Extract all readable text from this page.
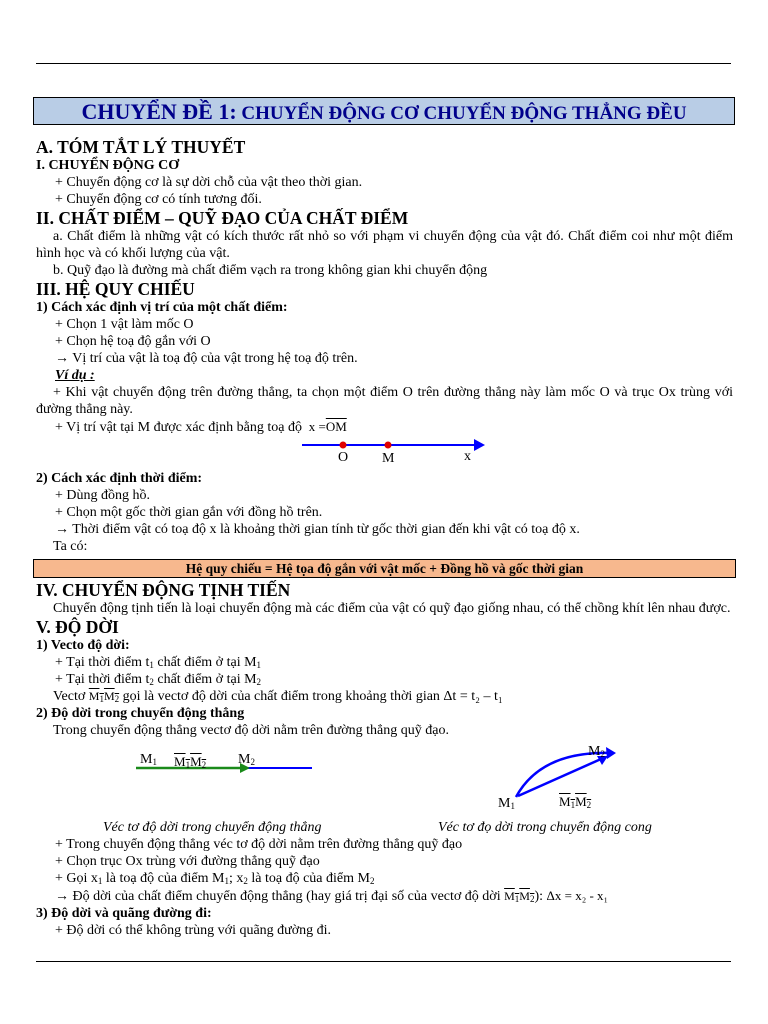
CHUYỂN ĐỀ 1: CHUYỂN ĐỘNG CƠ CHUYỂN ĐỘNG THẲNG ĐỀU
A. TÓM TẮT LÝ THUYẾT
I. CHUYỂN ĐỘNG CƠ
+ Chuyển động cơ là sự dời chỗ của vật theo thời gian.
+ Chuyển động cơ có tính tương đối.
II. CHẤT ĐIỂM – QUỸ ĐẠO CỦA CHẤT ĐIỂM
a. Chất điểm là những vật có kích thước rất nhỏ so với phạm vi chuyển động của vật đó. Chất điểm coi như một điểm hình học và có khối lượng của vật.
b. Quỹ đạo là đường mà chất điểm vạch ra trong không gian khi chuyển động
III. HỆ QUY CHIẾU
1) Cách xác định vị trí của một chất điểm:
+ Chọn 1 vật làm mốc O
+ Chọn hệ toạ độ gắn với O
→ Vị trí của vật là toạ độ của vật trong hệ toạ độ trên.
Ví dụ :
+ Khi vật chuyển động trên đường thẳng, ta chọn một điểm O trên đường thẳng này làm mốc O và trục Ox trùng với đường thẳng này.
+ Vị trí vật tại M được xác định bằng toạ độ $x =\overline{OM}$
O M	x
2) Cách xác định thời điểm:
+ Dùng đồng hồ.
+ Chọn một gốc thời gian gắn với đồng hồ trên.
→ Thời điểm vật có toạ độ x là khoảng thời gian tính từ gốc thời gian đến khi vật có toạ độ x.
Ta có:
Hệ quy chiếu = Hệ tọa độ gắn với vật mốc + Đồng hồ và gốc thời gian
IV. CHUYỂN ĐỘNG TỊNH TIẾN
Chuyển động tịnh tiến là loại chuyển động mà các điểm của vật có quỹ đạo giống nhau, có thể chồng khít lên nhau được.
V. ĐỘ DỜI
1) Vecto độ dời:
+ Tại thời điểm $t_1$ chất điểm ở tại $M_1$
+ Tại thời điểm $t_2$ chất điểm ở tại $M_2$
Vectơ $M_1M_2$ gọi là vectơ độ dời của chất điểm trong khoảng thời gian Δt = t₂ – t₁
2) Độ dời trong chuyển động thẳng
Trong chuyển động thẳng vectơ độ dời nằm trên đường thẳng quỹ đạo.
$M_1$ $M_1M_2$ $M_2$
$M_1$	$M_1M_2$
$M_2$
Véc tơ độ dời trong chuyển động thẳng	Véc tơ đọ dời trong chuyển động cong
+ Trong chuyển động thẳng véc tơ độ dời nằm trên đường thẳng quỹ đạo
+ Chọn trục Ox trùng với đường thẳng quỹ đạo
+ Gọi $x_1$ là toạ độ của điểm $M_1$; $x_2$ là toạ độ của điểm $M_2$
→ Độ dời của chất điểm chuyển động thẳng (hay giá trị đại số của vectơ độ dời $M_1M_2$): Δx = x₂ - x₁
3) Độ dời và quãng đường đi:
+ Độ dời có thể không trùng với quãng đường đi.
